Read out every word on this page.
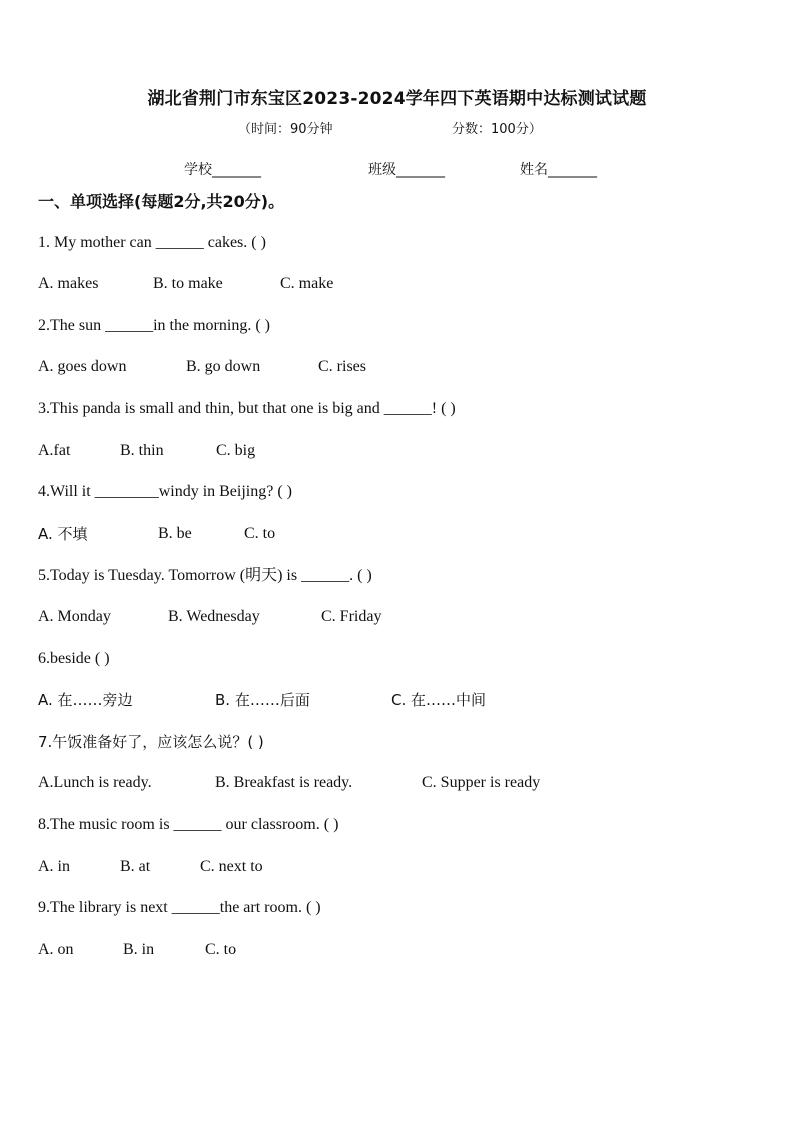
湖北省荆门市东宝区2023-2024学年四下英语期中达标测试试题
（时间：90分钟	分数：100分）
学校_______	班级_______	姓名_______
一、单项选择(每题2分,共20分)。
1. My mother can ______ cakes. ( )
A. makes	B. to make	C. make
2.The sun ______in the morning. ( )
A. goes down	B. go down	C. rises
3.This panda is small and thin, but that one is big and ______! ( )
A.fat	B. thin	C. big
4.Will it ________windy in Beijing? ( )
A. 不填	B. be	C. to
5.Today is Tuesday. Tomorrow (明天) is ______. ( )
A. Monday	B. Wednesday	C. Friday
6.beside ( )
A. 在……旁边	B. 在……后面	C. 在……中间
7.午饭准备好了，应该怎么说？( )
A.Lunch is ready.	B. Breakfast is ready.	C. Supper is ready
8.The music room is ______ our classroom. ( )
A. in	B. at	C. next to
9.The library is next ______the art room. ( )
A. on	B. in	C. to
